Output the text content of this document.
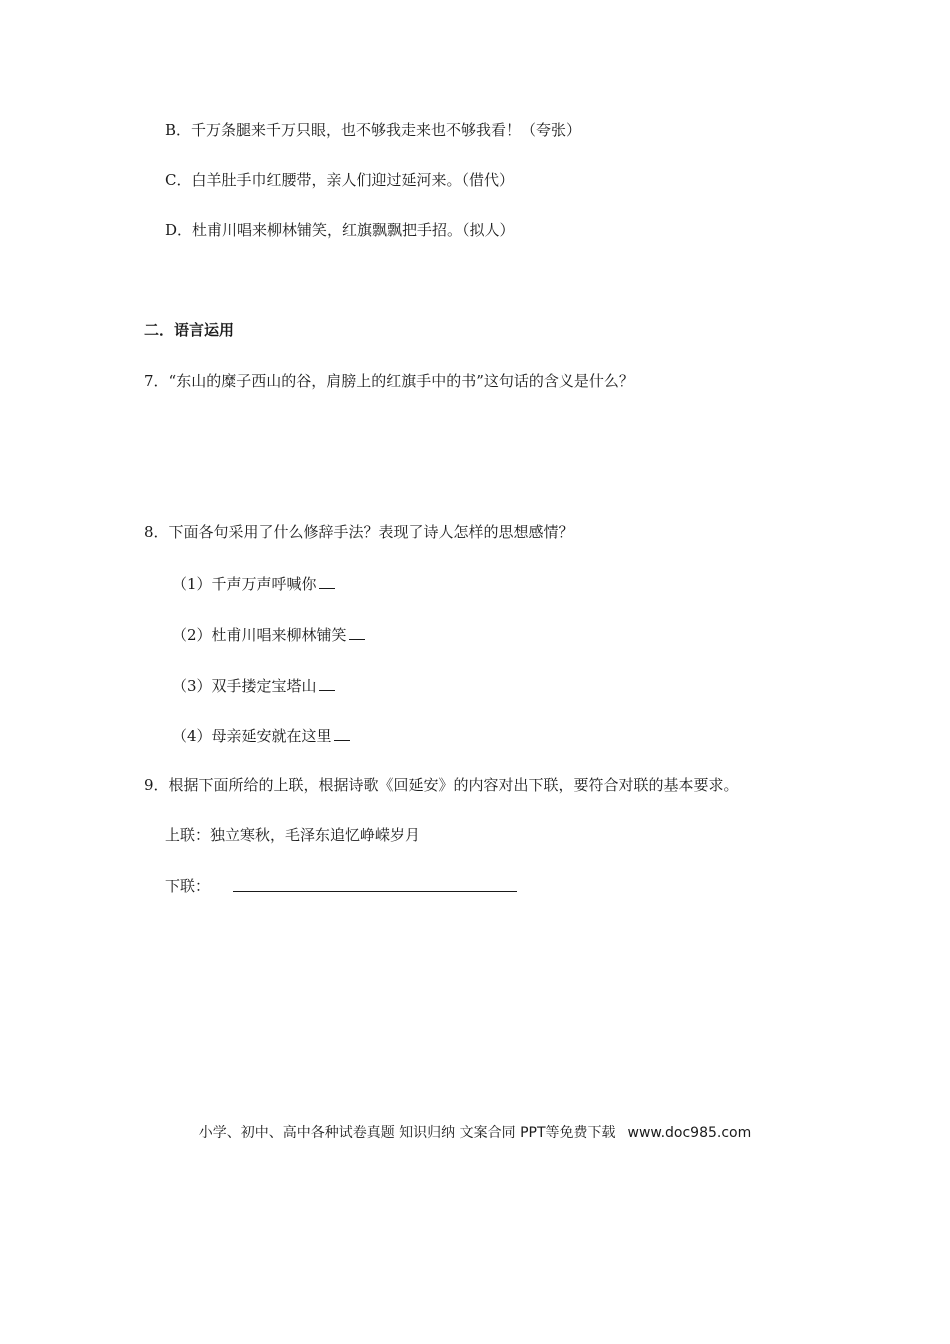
B．千万条腿来千万只眼，也不够我走来也不够我看！（夸张）
C．白羊肚手巾红腰带，亲人们迎过延河来。（借代）
D．杜甫川唱来柳林铺笑，红旗飘飘把手招。（拟人）
二．语言运用
7．“东山的糜子西山的谷，肩膀上的红旗手中的书”这句话的含义是什么？
8．下面各句采用了什么修辞手法？表现了诗人怎样的思想感情？
（1）千声万声呼喊你
（2）杜甫川唱来柳林铺笑
（3）双手搂定宝塔山
（4）母亲延安就在这里
9．根据下面所给的上联，根据诗歌《回延安》的内容对出下联，要符合对联的基本要求。
上联：独立寒秋，毛泽东追忆峥嵘岁月
下联：
小学、初中、高中各种试卷真题 知识归纳 文案合同 PPT等免费下载 www.doc985.com
